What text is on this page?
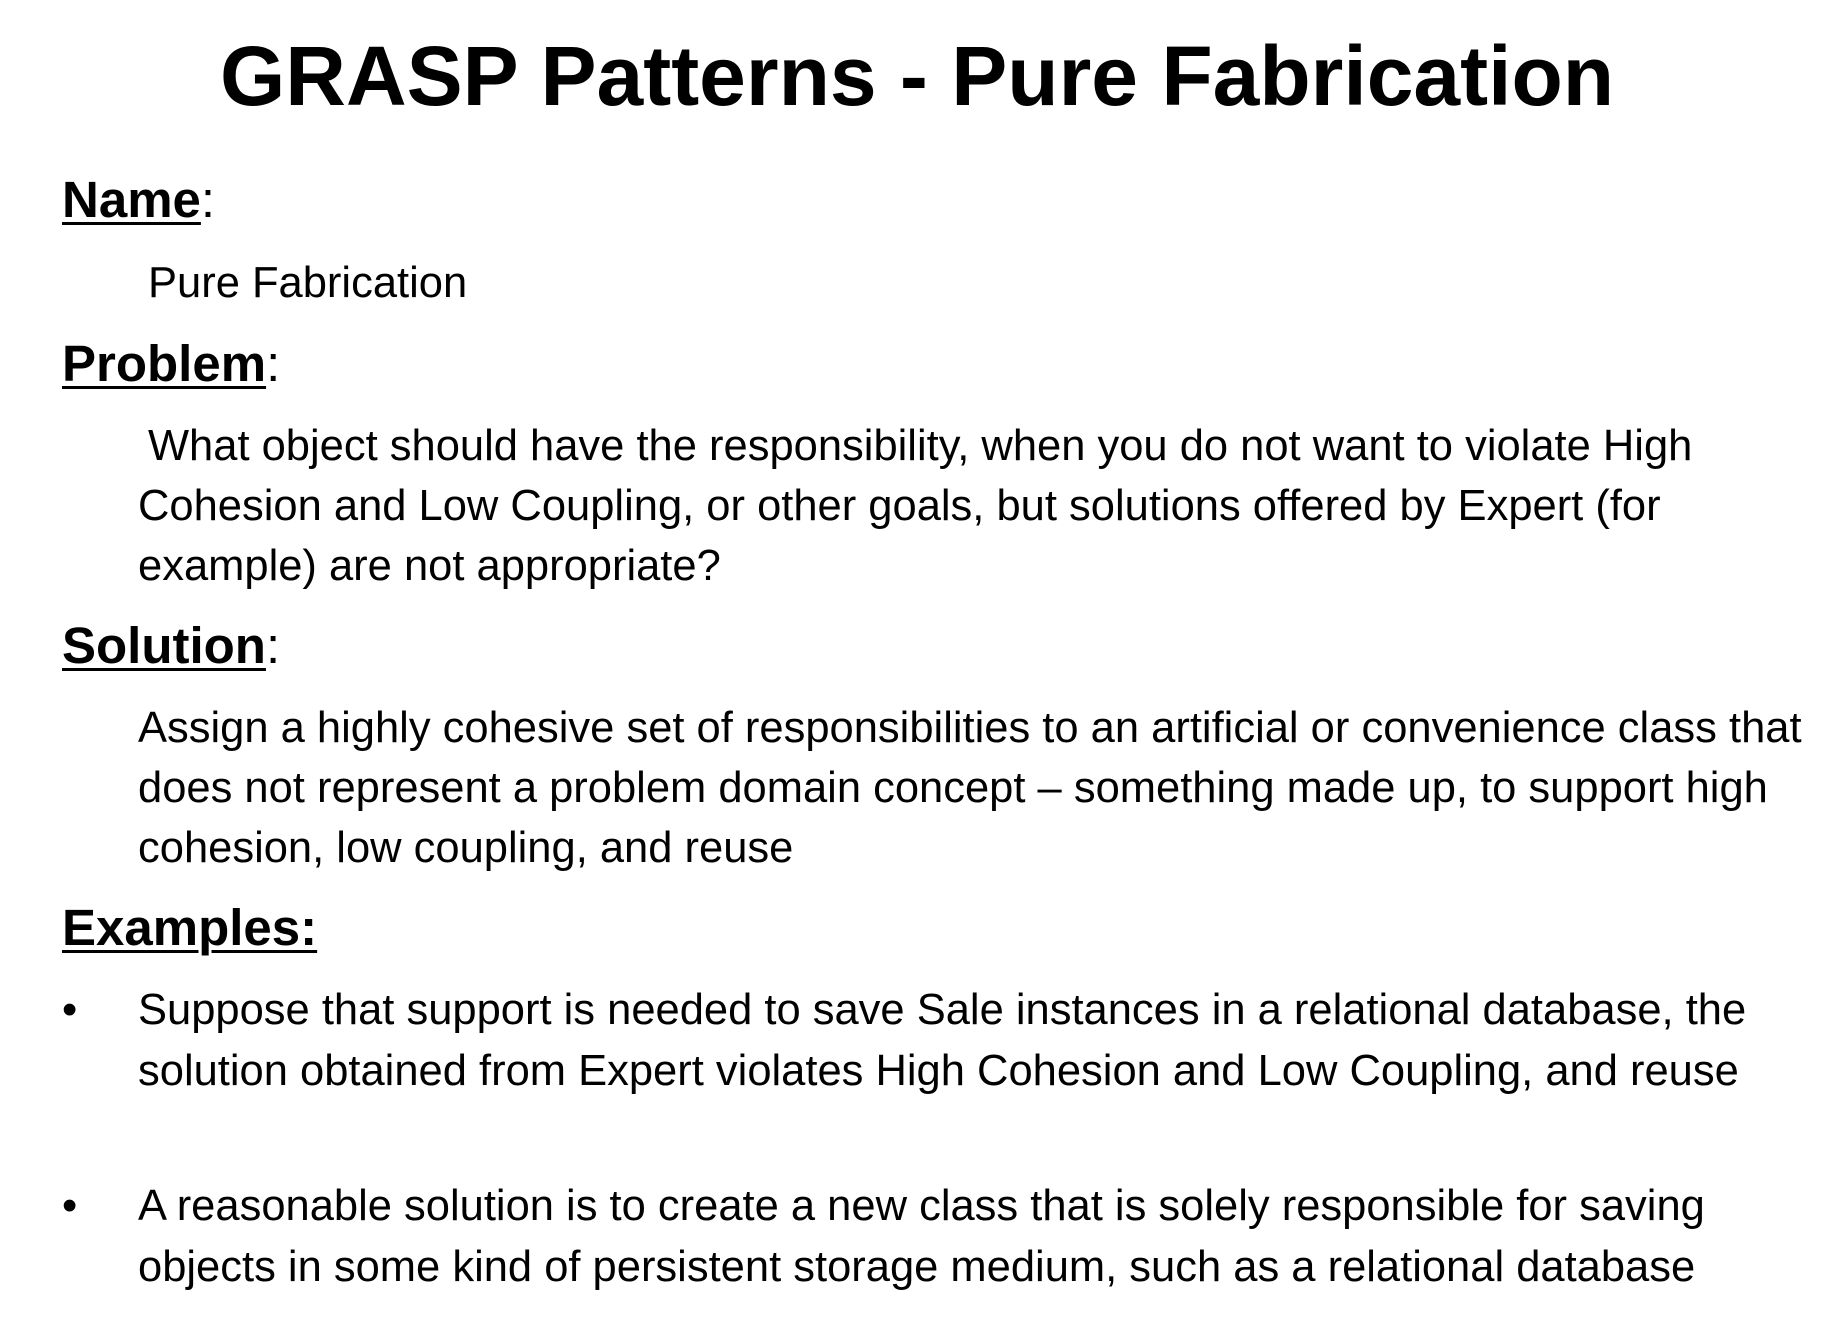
GRASP Patterns - Pure Fabrication
Name:
Pure Fabrication
Problem:

What object should have the responsibility, when you do not want to violate High Cohesion and Low Coupling, or other goals, but solutions offered by Expert (for example) are not appropriate?

Solution:

Assign a highly cohesive set of responsibilities to an artificial or convenience class that does not represent a problem domain concept – something made up, to support high cohesion, low coupling, and reuse

Examples:
• Suppose that support is needed to save Sale instances in a relational database, the solution obtained from Expert violates High Cohesion and Low Coupling, and reuse

• A reasonable solution is to create a new class that is solely responsible for saving objects in some kind of persistent storage medium, such as a relational database
